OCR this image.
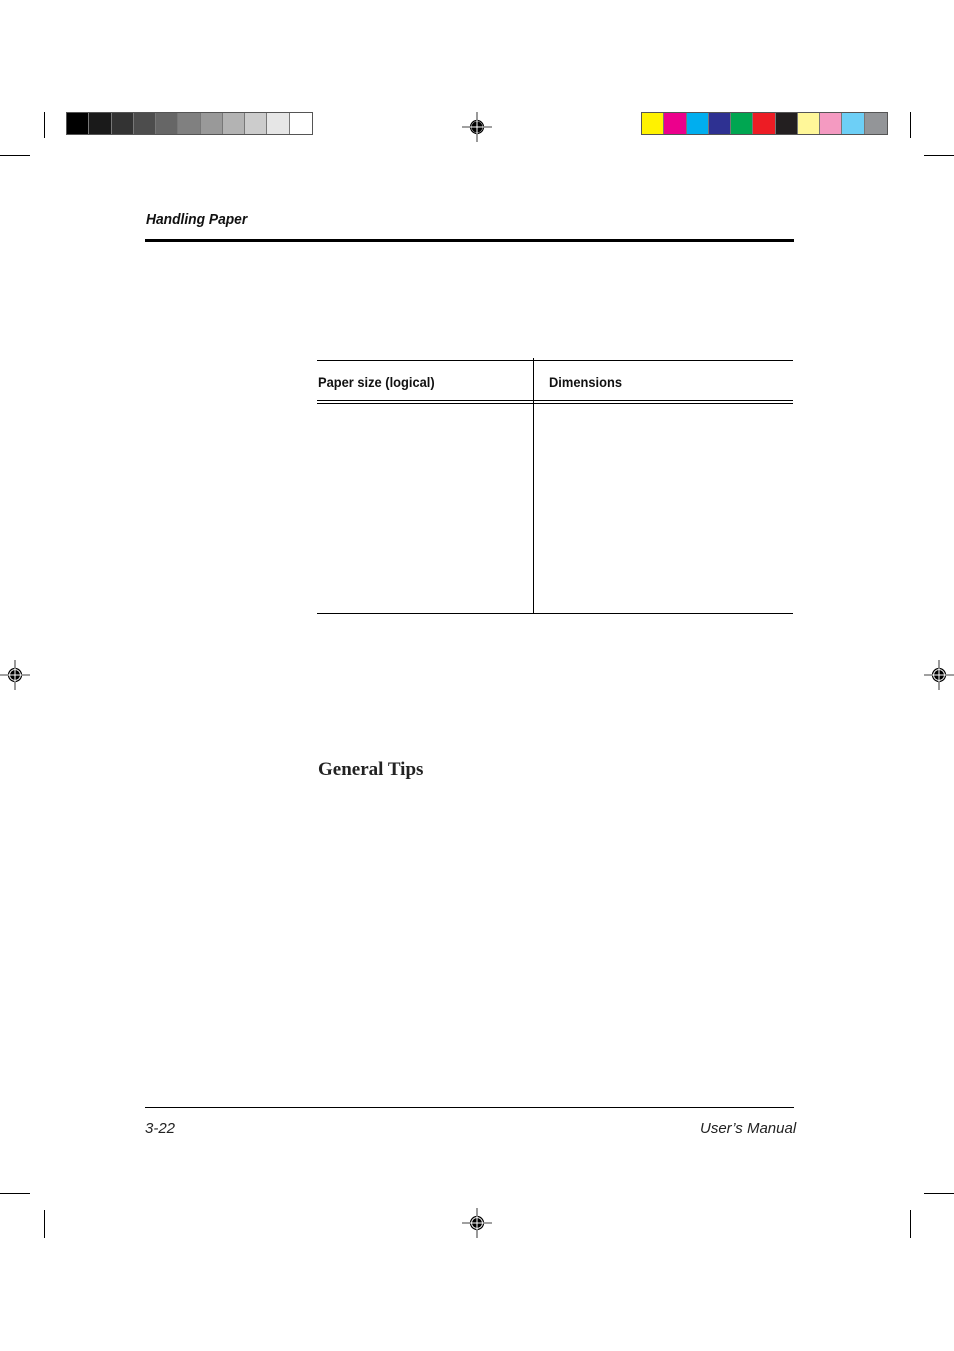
Handling Paper
Paper size (logical)	Dimensions
General Tips
3-22	User’s Manual
